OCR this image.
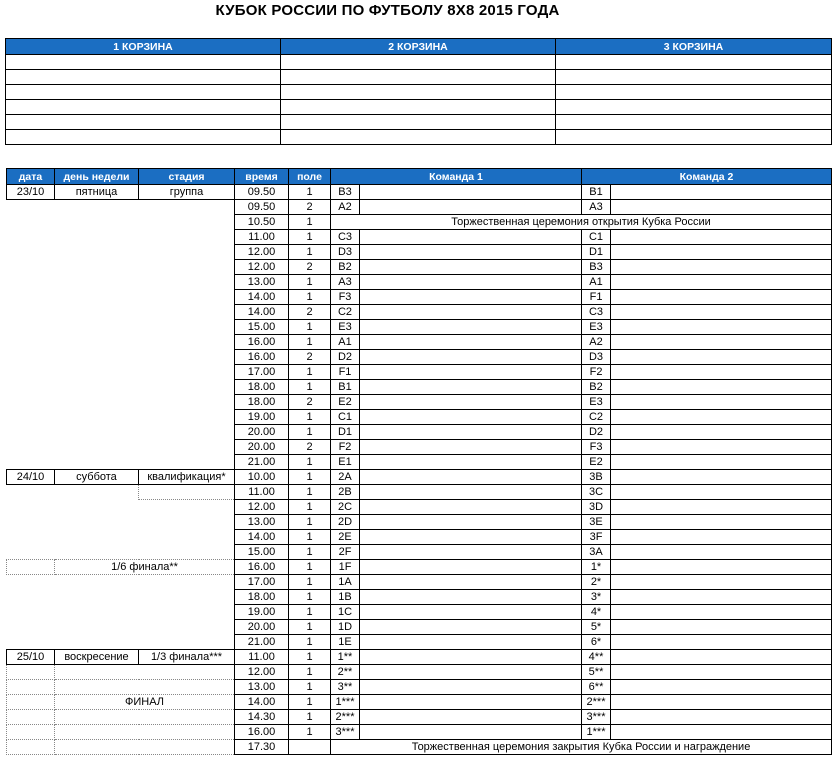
КУБОК РОССИИ ПО ФУТБОЛУ 8Х8 2015 ГОДА
1 КОРЗИНА	2 КОРЗИНА	3 КОРЗИНА

дата	день недели	стадия	время	поле	Команда 1		Команда 2	
23/10	пятница	группа	09.50	1	B3		B1	
			09.50	2	A2		A3	
			10.50	1	Торжественная церемония открытия Кубка России			
			11.00	1	C3		C1	
			12.00	1	D3		D1	
			12.00	2	B2		B3	
			13.00	1	A3		A1	
			14.00	1	F3		F1	
			14.00	2	C2		C3	
			15.00	1	E3		E3	
			16.00	1	A1		A2	
			16.00	2	D2		D3	
			17.00	1	F1		F2	
			18.00	1	B1		B2	
			18.00	2	E2		E3	
			19.00	1	C1		C2	
			20.00	1	D1		D2	
			20.00	2	F2		F3	
			21.00	1	E1		E2	
24/10	суббота	квалификация*	10.00	1	2A		3B	
			11.00	1	2B		3C	
			12.00	1	2C		3D	
			13.00	1	2D		3E	
			14.00	1	2E		3F	
			15.00	1	2F		3A	
	1/6 финала**		16.00	1	1F		1*	
			17.00	1	1A		2*	
			18.00	1	1B		3*	
			19.00	1	1C		4*	
			20.00	1	1D		5*	
			21.00	1	1E		6*	
25/10	воскресение	1/3 финала***	11.00	1	1**		4**	
			12.00	1	2**		5**	
			13.00	1	3**		6**	
	ФИНАЛ		14.00	1	1***		2***	
			14.30	1	2***		3***	
			16.00	1	3***		1***	
			17.30		Торжественная церемония закрытия Кубка России и награждение			
